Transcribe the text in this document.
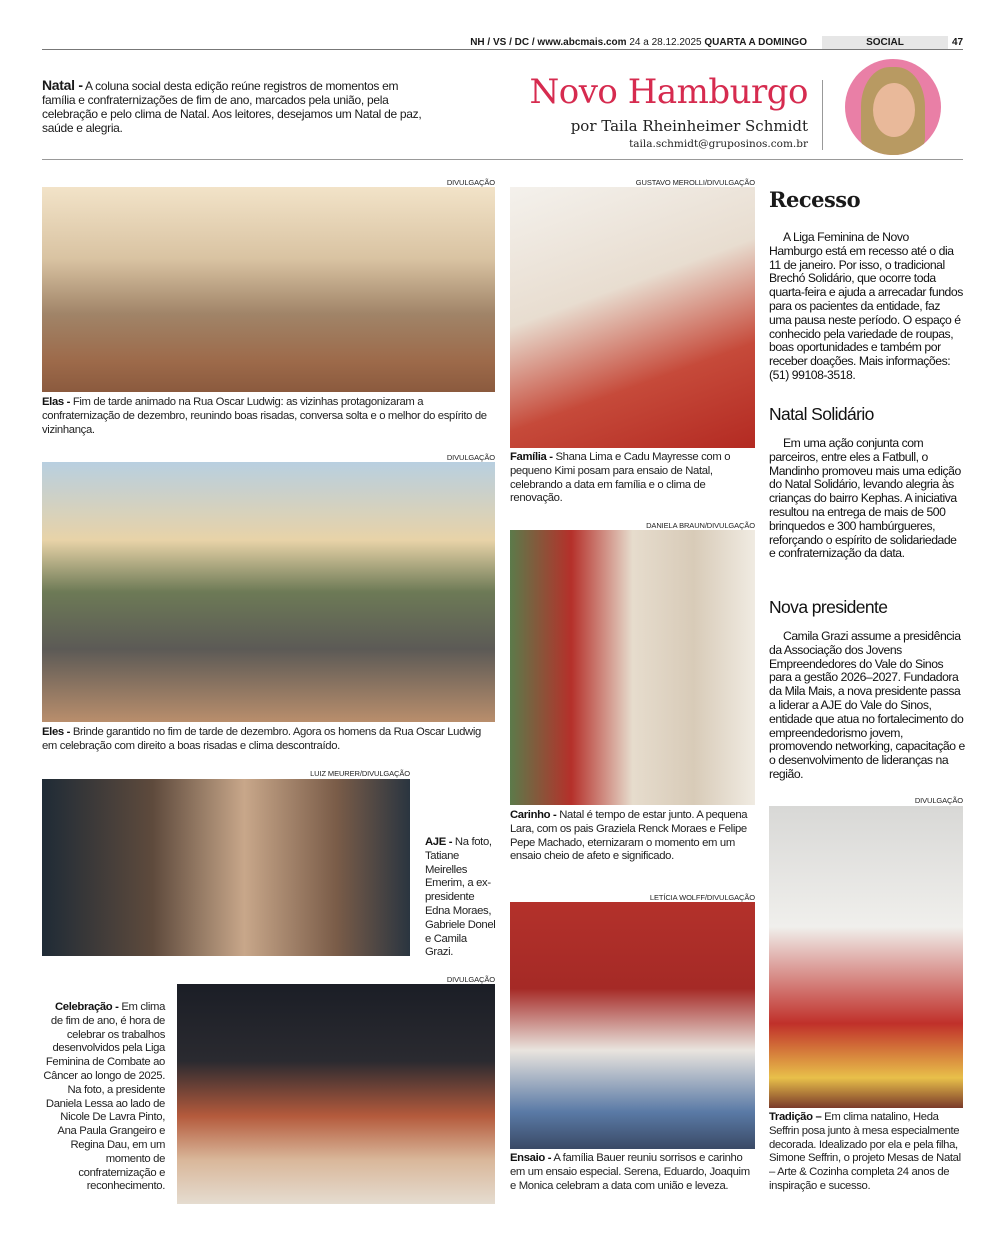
NH / VS / DC / www.abcmais.com 24 a 28.12.2025 QUARTA A DOMINGO	SOCIAL	47
Natal - A coluna social desta edição reúne registros de momentos em família e confraternizações de fim de ano, marcados pela união, pela celebração e pelo clima de Natal. Aos leitores, desejamos um Natal de paz, saúde e alegria.
Novo Hamburgo
por Taila Rheinheimer Schmidt
taila.schmidt@gruposinos.com.br
DIVULGAÇÃO
Elas - Fim de tarde animado na Rua Oscar Ludwig: as vizinhas protagonizaram a confraternização de dezembro, reunindo boas risadas, conversa solta e o melhor do espírito de vizinhança.
DIVULGAÇÃO
Eles - Brinde garantido no fim de tarde de dezembro. Agora os homens da Rua Oscar Ludwig em celebração com direito a boas risadas e clima descontraído.
LUIZ MEURER/DIVULGAÇÃO
AJE - Na foto, Tatiane Meirelles Emerim, a ex-presidente Edna Moraes, Gabriele Donel e Camila Grazi.
DIVULGAÇÃO
Celebração - Em clima de fim de ano, é hora de celebrar os trabalhos desenvolvidos pela Liga Feminina de Combate ao Câncer ao longo de 2025. Na foto, a presidente Daniela Lessa ao lado de Nicole De Lavra Pinto, Ana Paula Grangeiro e Regina Dau, em um momento de confraternização e reconhecimento.
GUSTAVO MEROLLI/DIVULGAÇÃO
Família - Shana Lima e Cadu Mayresse com o pequeno Kimi posam para ensaio de Natal, celebrando a data em família e o clima de renovação.
DANIELA BRAUN/DIVULGAÇÃO
Carinho - Natal é tempo de estar junto. A pequena Lara, com os pais Graziela Renck Moraes e Felipe Pepe Machado, eternizaram o momento em um ensaio cheio de afeto e significado.
LETÍCIA WOLFF/DIVULGAÇÃO
Ensaio - A família Bauer reuniu sorrisos e carinho em um ensaio especial. Serena, Eduardo, Joaquim e Monica celebram a data com união e leveza.
Recesso
A Liga Feminina de Novo Hamburgo está em recesso até o dia 11 de janeiro. Por isso, o tradicional Brechó Solidário, que ocorre toda quarta-feira e ajuda a arrecadar fundos para os pacientes da entidade, faz uma pausa neste período. O espaço é conhecido pela variedade de roupas, boas oportunidades e também por receber doações. Mais informações: (51) 99108-3518.
Natal Solidário
Em uma ação conjunta com parceiros, entre eles a Fatbull, o Mandinho promoveu mais uma edição do Natal Solidário, levando alegria às crianças do bairro Kephas. A iniciativa resultou na entrega de mais de 500 brinquedos e 300 hambúrgueres, reforçando o espírito de solidariedade e confraternização da data.
Nova presidente
Camila Grazi assume a presidência da Associação dos Jovens Empreendedores do Vale do Sinos para a gestão 2026–2027. Fundadora da Mila Mais, a nova presidente passa a liderar a AJE do Vale do Sinos, entidade que atua no fortalecimento do empreendedorismo jovem, promovendo networking, capacitação e o desenvolvimento de lideranças na região.
DIVULGAÇÃO
Tradição – Em clima natalino, Heda Seffrin posa junto à mesa especialmente decorada. Idealizado por ela e pela filha, Simone Seffrin, o projeto Mesas de Natal – Arte & Cozinha completa 24 anos de inspiração e sucesso.
